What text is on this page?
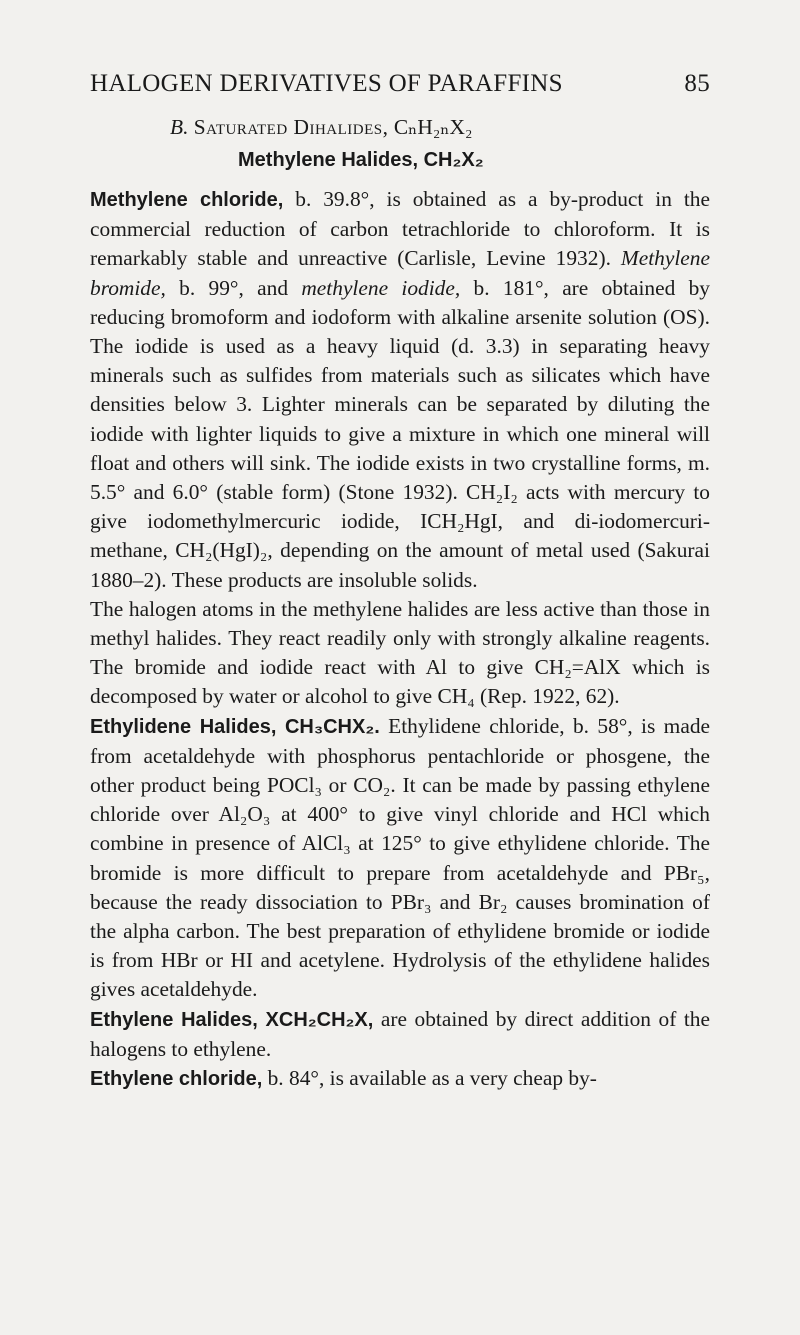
HALOGEN DERIVATIVES OF PARAFFINS	85

B. Saturated Dihalides, CₙH₂ₙX₂

Methylene Halides, CH₂X₂

Methylene chloride, b. 39.8°, is obtained as a by-product in the commercial reduction of carbon tetrachloride to chloroform. It is remarkably stable and unreactive (Carlisle, Levine 1932). Methylene bromide, b. 99°, and methylene iodide, b. 181°, are obtained by reducing bromoform and iodoform with alkaline arsenite solution (OS). The iodide is used as a heavy liquid (d. 3.3) in separating heavy minerals such as sulfides from materials such as silicates which have densities below 3. Lighter minerals can be separated by diluting the iodide with lighter liquids to give a mixture in which one mineral will float and others will sink. The iodide exists in two crystalline forms, m. 5.5° and 6.0° (stable form) (Stone 1932). CH₂I₂ acts with mercury to give iodomethylmercuric iodide, ICH₂HgI, and di-iodomercuri-methane, CH₂(HgI)₂, depending on the amount of metal used (Sakurai 1880–2). These products are insoluble solids.

The halogen atoms in the methylene halides are less active than those in methyl halides. They react readily only with strongly alkaline reagents. The bromide and iodide react with Al to give CH₂=AlX which is decomposed by water or alcohol to give CH₄ (Rep. 1922, 62).

Ethylidene Halides, CH₃CHX₂. Ethylidene chloride, b. 58°, is made from acetaldehyde with phosphorus pentachloride or phosgene, the other product being POCl₃ or CO₂. It can be made by passing ethylene chloride over Al₂O₃ at 400° to give vinyl chloride and HCl which combine in presence of AlCl₃ at 125° to give ethylidene chloride. The bromide is more difficult to prepare from acetaldehyde and PBr₅, because the ready dissociation to PBr₃ and Br₂ causes bromination of the alpha carbon. The best preparation of ethylidene bromide or iodide is from HBr or HI and acetylene. Hydrolysis of the ethylidene halides gives acetaldehyde.

Ethylene Halides, XCH₂CH₂X, are obtained by direct addition of the halogens to ethylene.

Ethylene chloride, b. 84°, is available as a very cheap by-
